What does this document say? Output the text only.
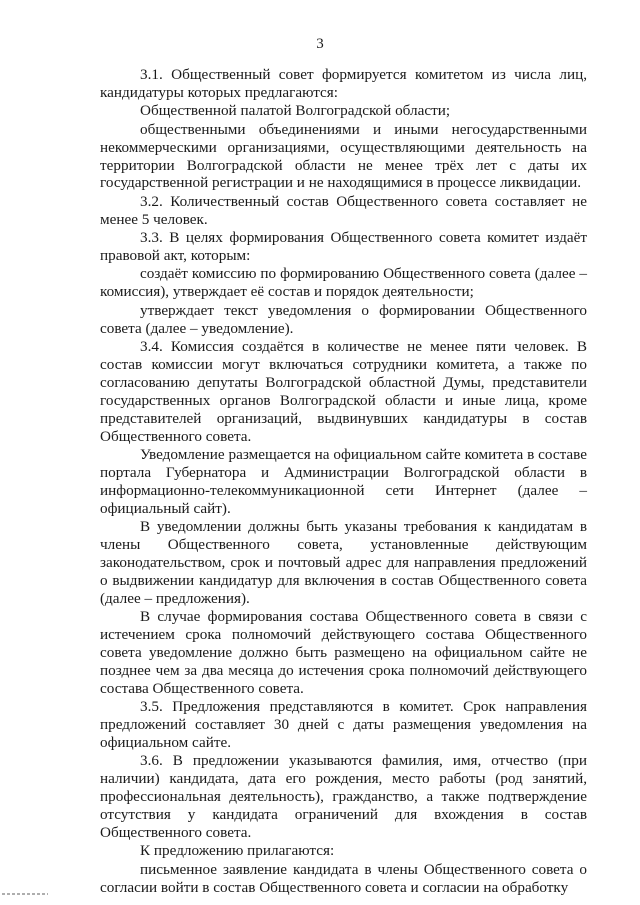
3

3.1. Общественный совет формируется комитетом из числа лиц, кандидатуры которых предлагаются:

Общественной палатой Волгоградской области;

общественными объединениями и иными негосударственными некоммерческими организациями, осуществляющими деятельность на территории Волгоградской области не менее трёх лет с даты их государственной регистрации и не находящимися в процессе ликвидации.

3.2. Количественный состав Общественного совета составляет не менее 5 человек.

3.3. В целях формирования Общественного совета комитет издаёт правовой акт, которым:

создаёт комиссию по формированию Общественного совета (далее – комиссия), утверждает её состав и порядок деятельности;

утверждает текст уведомления о формировании Общественного совета (далее – уведомление).

3.4. Комиссия создаётся в количестве не менее пяти человек. В состав комиссии могут включаться сотрудники комитета, а также по согласованию депутаты Волгоградской областной Думы, представители государственных органов Волгоградской области и иные лица, кроме представителей организаций, выдвинувших кандидатуры в состав Общественного совета.

Уведомление размещается на официальном сайте комитета в составе портала Губернатора и Администрации Волгоградской области в информационно-телекоммуникационной сети Интернет (далее – официальный сайт).

В уведомлении должны быть указаны требования к кандидатам в члены Общественного совета, установленные действующим законодательством, срок и почтовый адрес для направления предложений о выдвижении кандидатур для включения в состав Общественного совета (далее – предложения).

В случае формирования состава Общественного совета в связи с истечением срока полномочий действующего состава Общественного совета уведомление должно быть размещено на официальном сайте не позднее чем за два месяца до истечения срока полномочий действующего состава Общественного совета.

3.5. Предложения представляются в комитет. Срок направления предложений составляет 30 дней с даты размещения уведомления на официальном сайте.

3.6. В предложении указываются фамилия, имя, отчество (при наличии) кандидата, дата его рождения, место работы (род занятий, профессиональная деятельность), гражданство, а также подтверждение отсутствия у кандидата ограничений для вхождения в состав Общественного совета.

К предложению прилагаются:

письменное заявление кандидата в члены Общественного совета о согласии войти в состав Общественного совета и согласии на обработку
